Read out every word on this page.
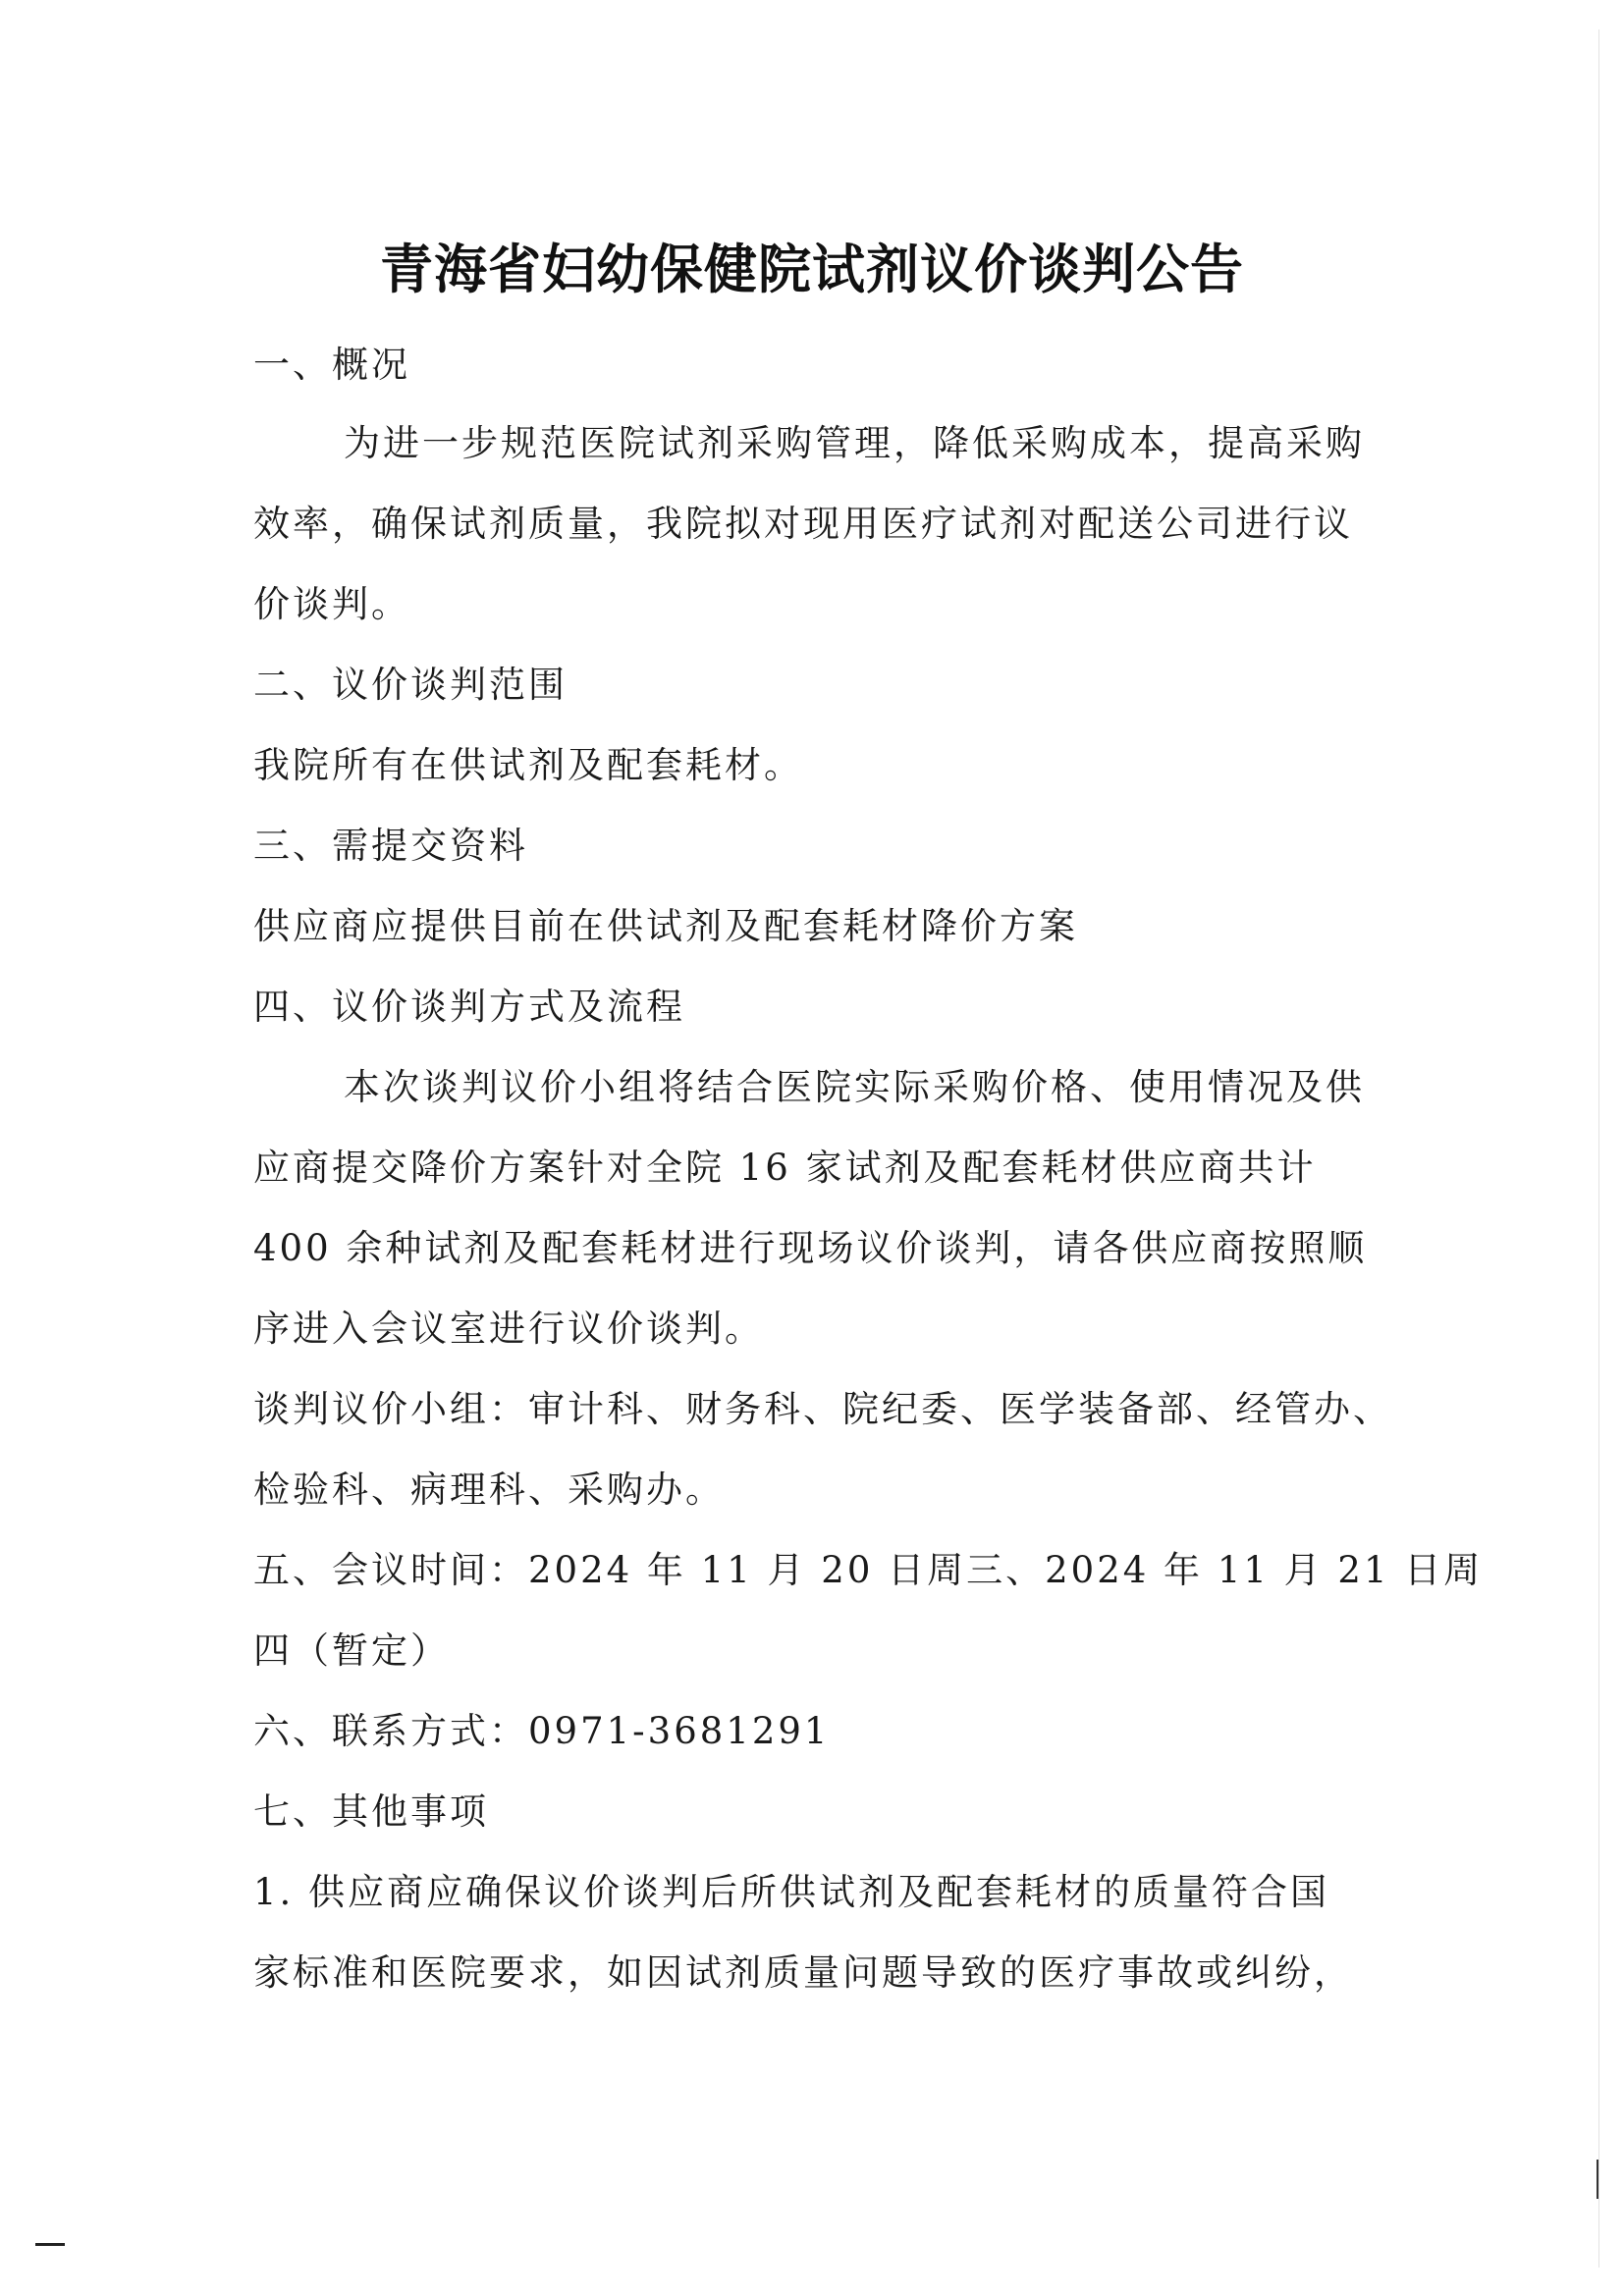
青海省妇幼保健院试剂议价谈判公告
一、概况
为进一步规范医院试剂采购管理，降低采购成本，提高采购
效率，确保试剂质量，我院拟对现用医疗试剂对配送公司进行议
价谈判。
二、议价谈判范围
我院所有在供试剂及配套耗材。
三、需提交资料
供应商应提供目前在供试剂及配套耗材降价方案
四、议价谈判方式及流程
本次谈判议价小组将结合医院实际采购价格、使用情况及供
应商提交降价方案针对全院 16 家试剂及配套耗材供应商共计
400 余种试剂及配套耗材进行现场议价谈判，请各供应商按照顺
序进入会议室进行议价谈判。
谈判议价小组：审计科、财务科、院纪委、医学装备部、经管办、
检验科、病理科、采购办。
五、会议时间：2024 年 11 月 20 日周三、2024 年 11 月 21 日周
四（暂定）
六、联系方式：0971-3681291
七、其他事项
1. 供应商应确保议价谈判后所供试剂及配套耗材的质量符合国
家标准和医院要求，如因试剂质量问题导致的医疗事故或纠纷，
